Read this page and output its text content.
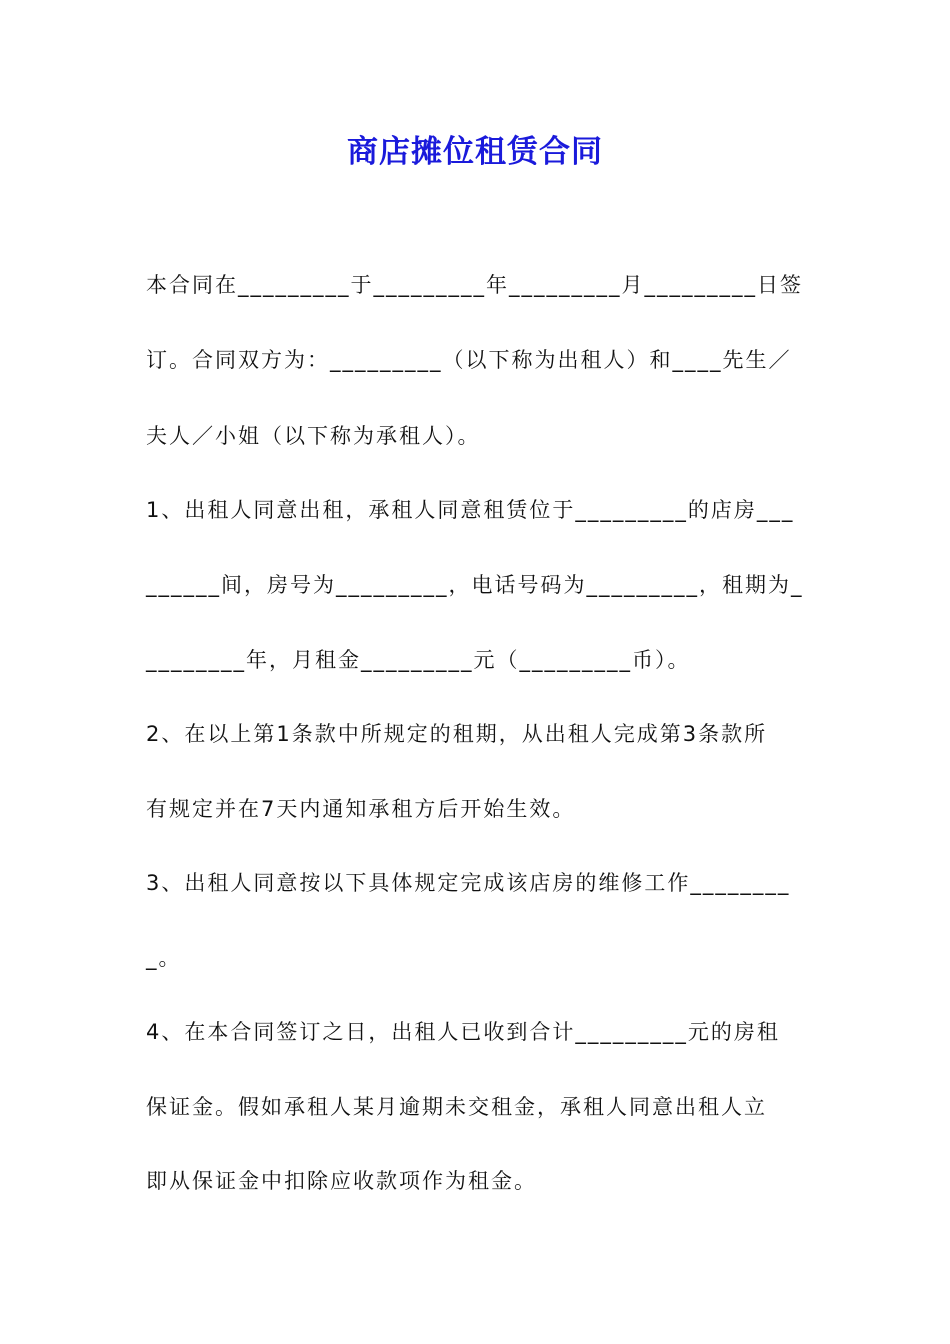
商店摊位租赁合同
本合同在_________于_________年_________月_________日签
订。合同双方为：_________（以下称为出租人）和____先生／
夫人／小姐（以下称为承租人）。
1、出租人同意出租，承租人同意租赁位于_________的店房___
______间，房号为_________，电话号码为_________，租期为_
________年，月租金_________元（_________币）。
2、在以上第1条款中所规定的租期，从出租人完成第3条款所
有规定并在7天内通知承租方后开始生效。
3、出租人同意按以下具体规定完成该店房的维修工作________
_。
4、在本合同签订之日，出租人已收到合计_________元的房租
保证金。假如承租人某月逾期未交租金，承租人同意出租人立
即从保证金中扣除应收款项作为租金。
